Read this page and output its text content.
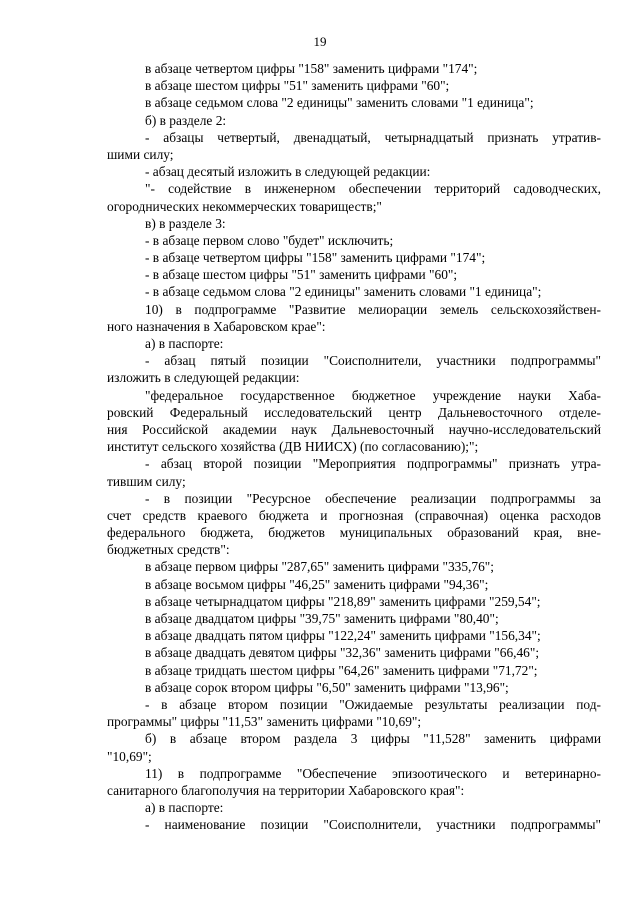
19
в абзаце четвертом цифры "158" заменить цифрами "174";
в абзаце шестом цифры "51" заменить цифрами "60";
в абзаце седьмом слова "2 единицы" заменить словами "1 единица";
б) в разделе 2:
- абзацы четвертый, двенадцатый, четырнадцатый признать утратив-
шими силу;
- абзац десятый изложить в следующей редакции:
"- содействие в инженерном обеспечении территорий садоводческих,
огороднических некоммерческих товариществ;"
в) в разделе 3:
- в абзаце первом слово "будет" исключить;
- в абзаце четвертом цифры "158" заменить цифрами "174";
- в абзаце шестом цифры "51" заменить цифрами "60";
- в абзаце седьмом слова "2 единицы" заменить словами "1 единица";
10) в подпрограмме "Развитие мелиорации земель сельскохозяйствен-
ного назначения в Хабаровском крае":
а) в паспорте:
- абзац пятый позиции "Соисполнители, участники подпрограммы"
изложить в следующей редакции:
"федеральное государственное бюджетное учреждение науки Хаба-
ровский Федеральный исследовательский центр Дальневосточного отделе-
ния Российской академии наук Дальневосточный научно-исследовательский
институт сельского хозяйства (ДВ НИИСХ) (по согласованию);";
- абзац второй позиции "Мероприятия подпрограммы" признать утра-
тившим силу;
- в позиции "Ресурсное обеспечение реализации подпрограммы за
счет средств краевого бюджета и прогнозная (справочная) оценка расходов
федерального бюджета, бюджетов муниципальных образований края, вне-
бюджетных средств":
в абзаце первом цифры "287,65" заменить цифрами "335,76";
в абзаце восьмом цифры "46,25" заменить цифрами "94,36";
в абзаце четырнадцатом цифры "218,89" заменить цифрами "259,54";
в абзаце двадцатом цифры "39,75" заменить цифрами "80,40";
в абзаце двадцать пятом цифры "122,24" заменить цифрами "156,34";
в абзаце двадцать девятом цифры "32,36" заменить цифрами "66,46";
в абзаце тридцать шестом цифры "64,26" заменить цифрами "71,72";
в абзаце сорок втором цифры "6,50" заменить цифрами "13,96";
- в абзаце втором позиции "Ожидаемые результаты реализации под-
программы" цифры "11,53" заменить цифрами "10,69";
б) в абзаце втором раздела 3 цифры "11,528" заменить цифрами
"10,69";
11) в подпрограмме "Обеспечение эпизоотического и ветеринарно-
санитарного благополучия на территории Хабаровского края":
а) в паспорте:
- наименование позиции "Соисполнители, участники подпрограммы"
